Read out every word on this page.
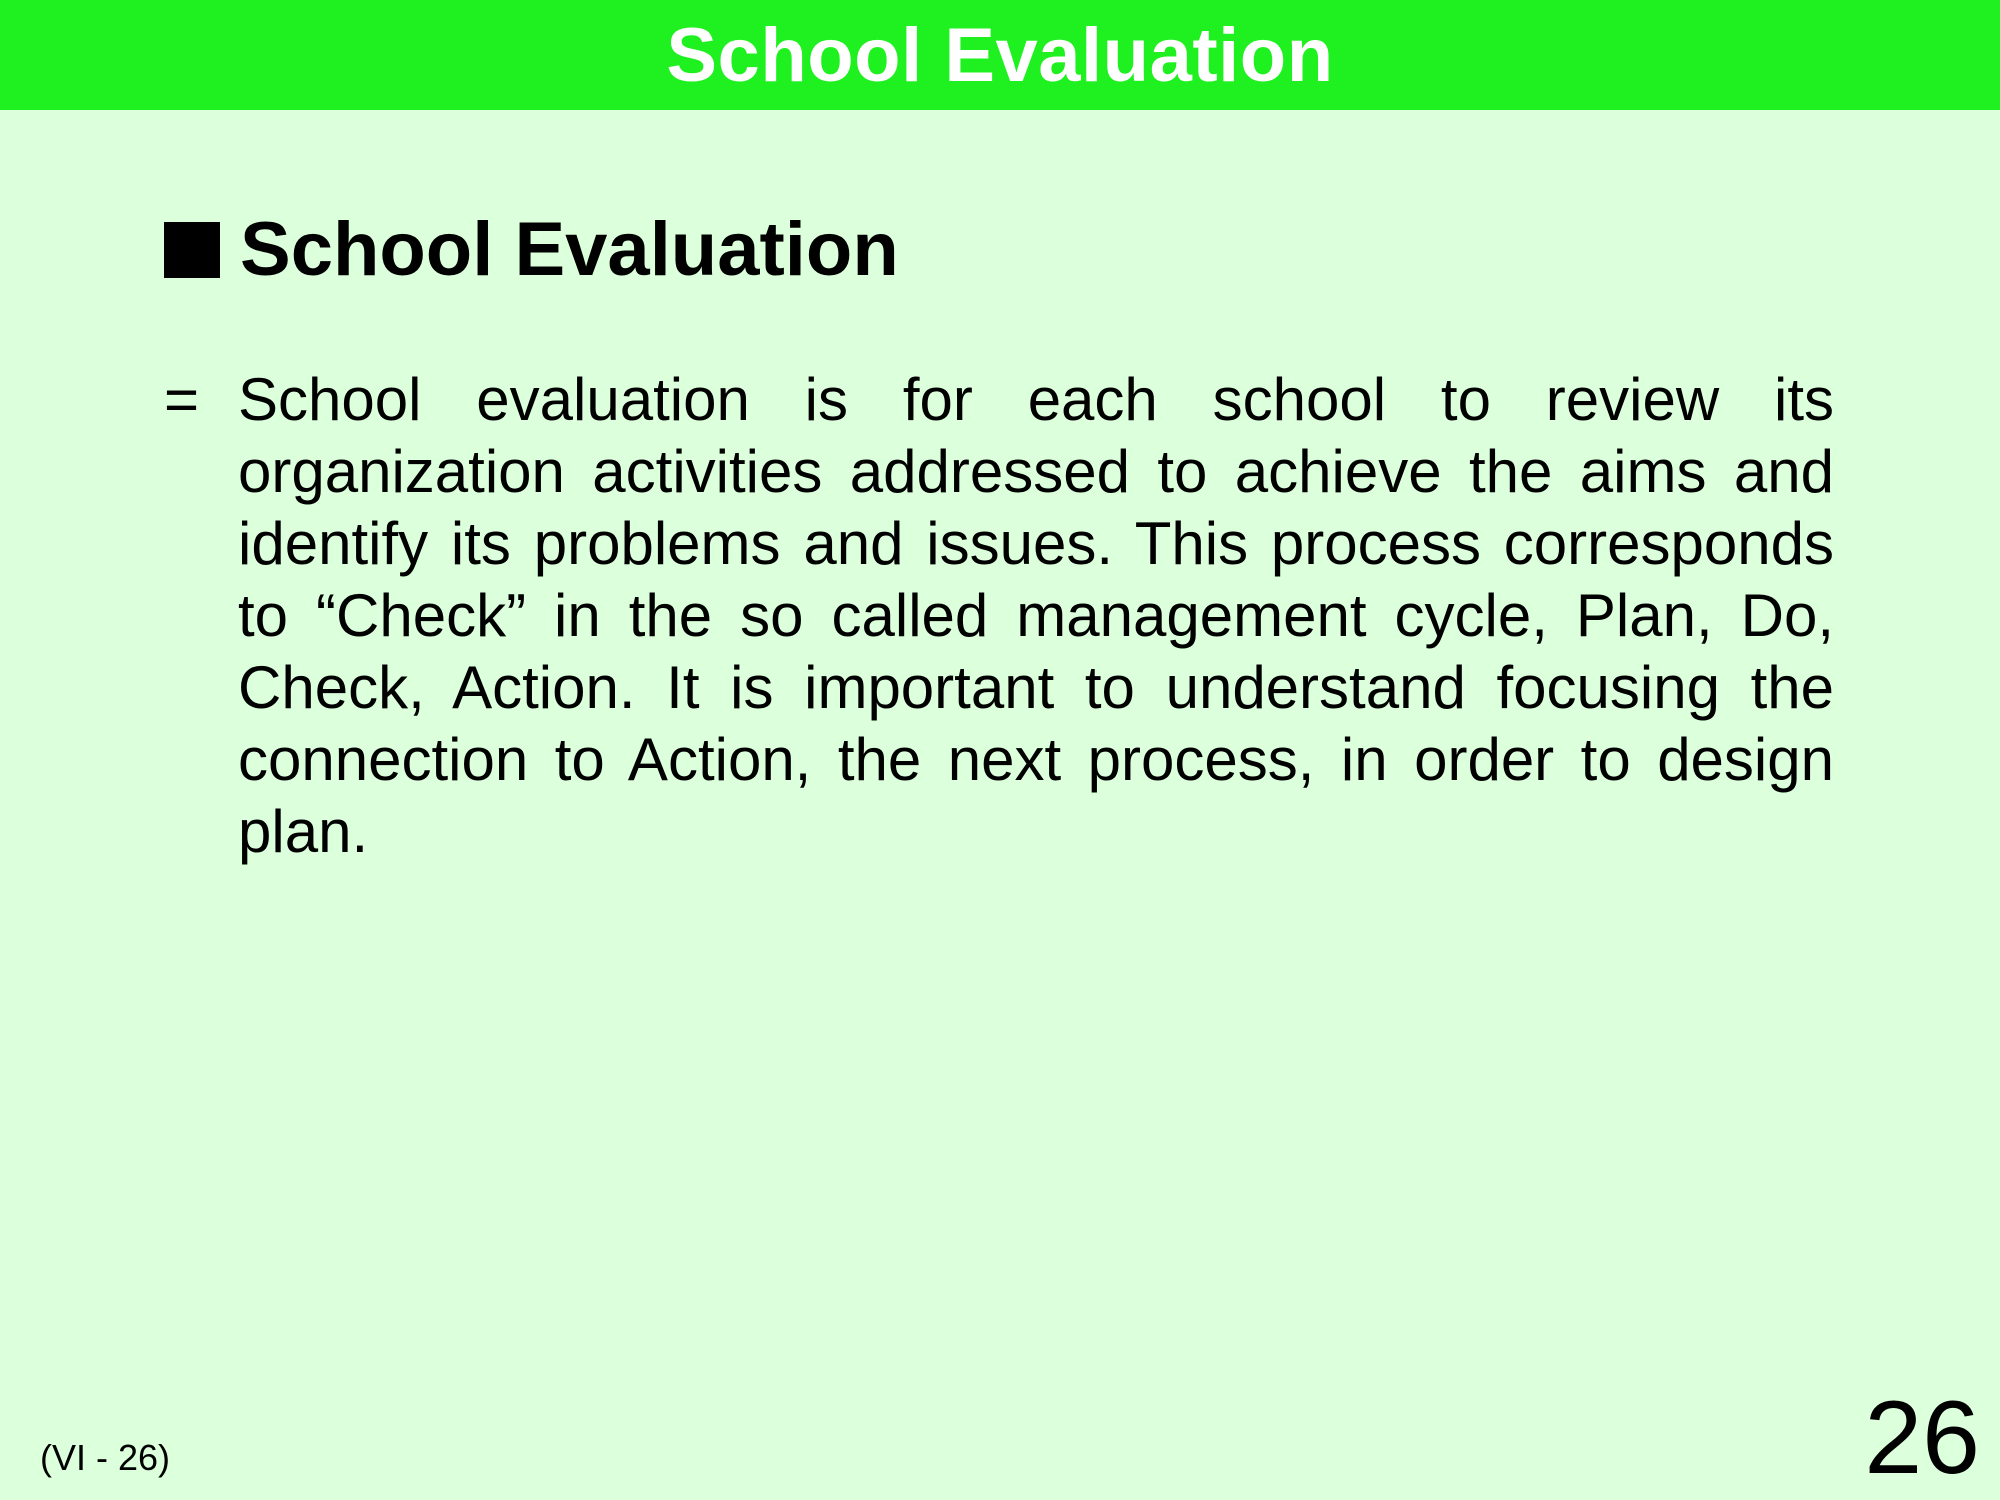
School Evaluation
School Evaluation
= School evaluation is for each school to review its organization activities addressed to achieve the aims and identify its problems and issues. This process corresponds to “Check” in the so called management cycle, Plan, Do, Check, Action. It is important to understand focusing the connection to Action, the next process, in order to design plan.

(VI - 26)	26
